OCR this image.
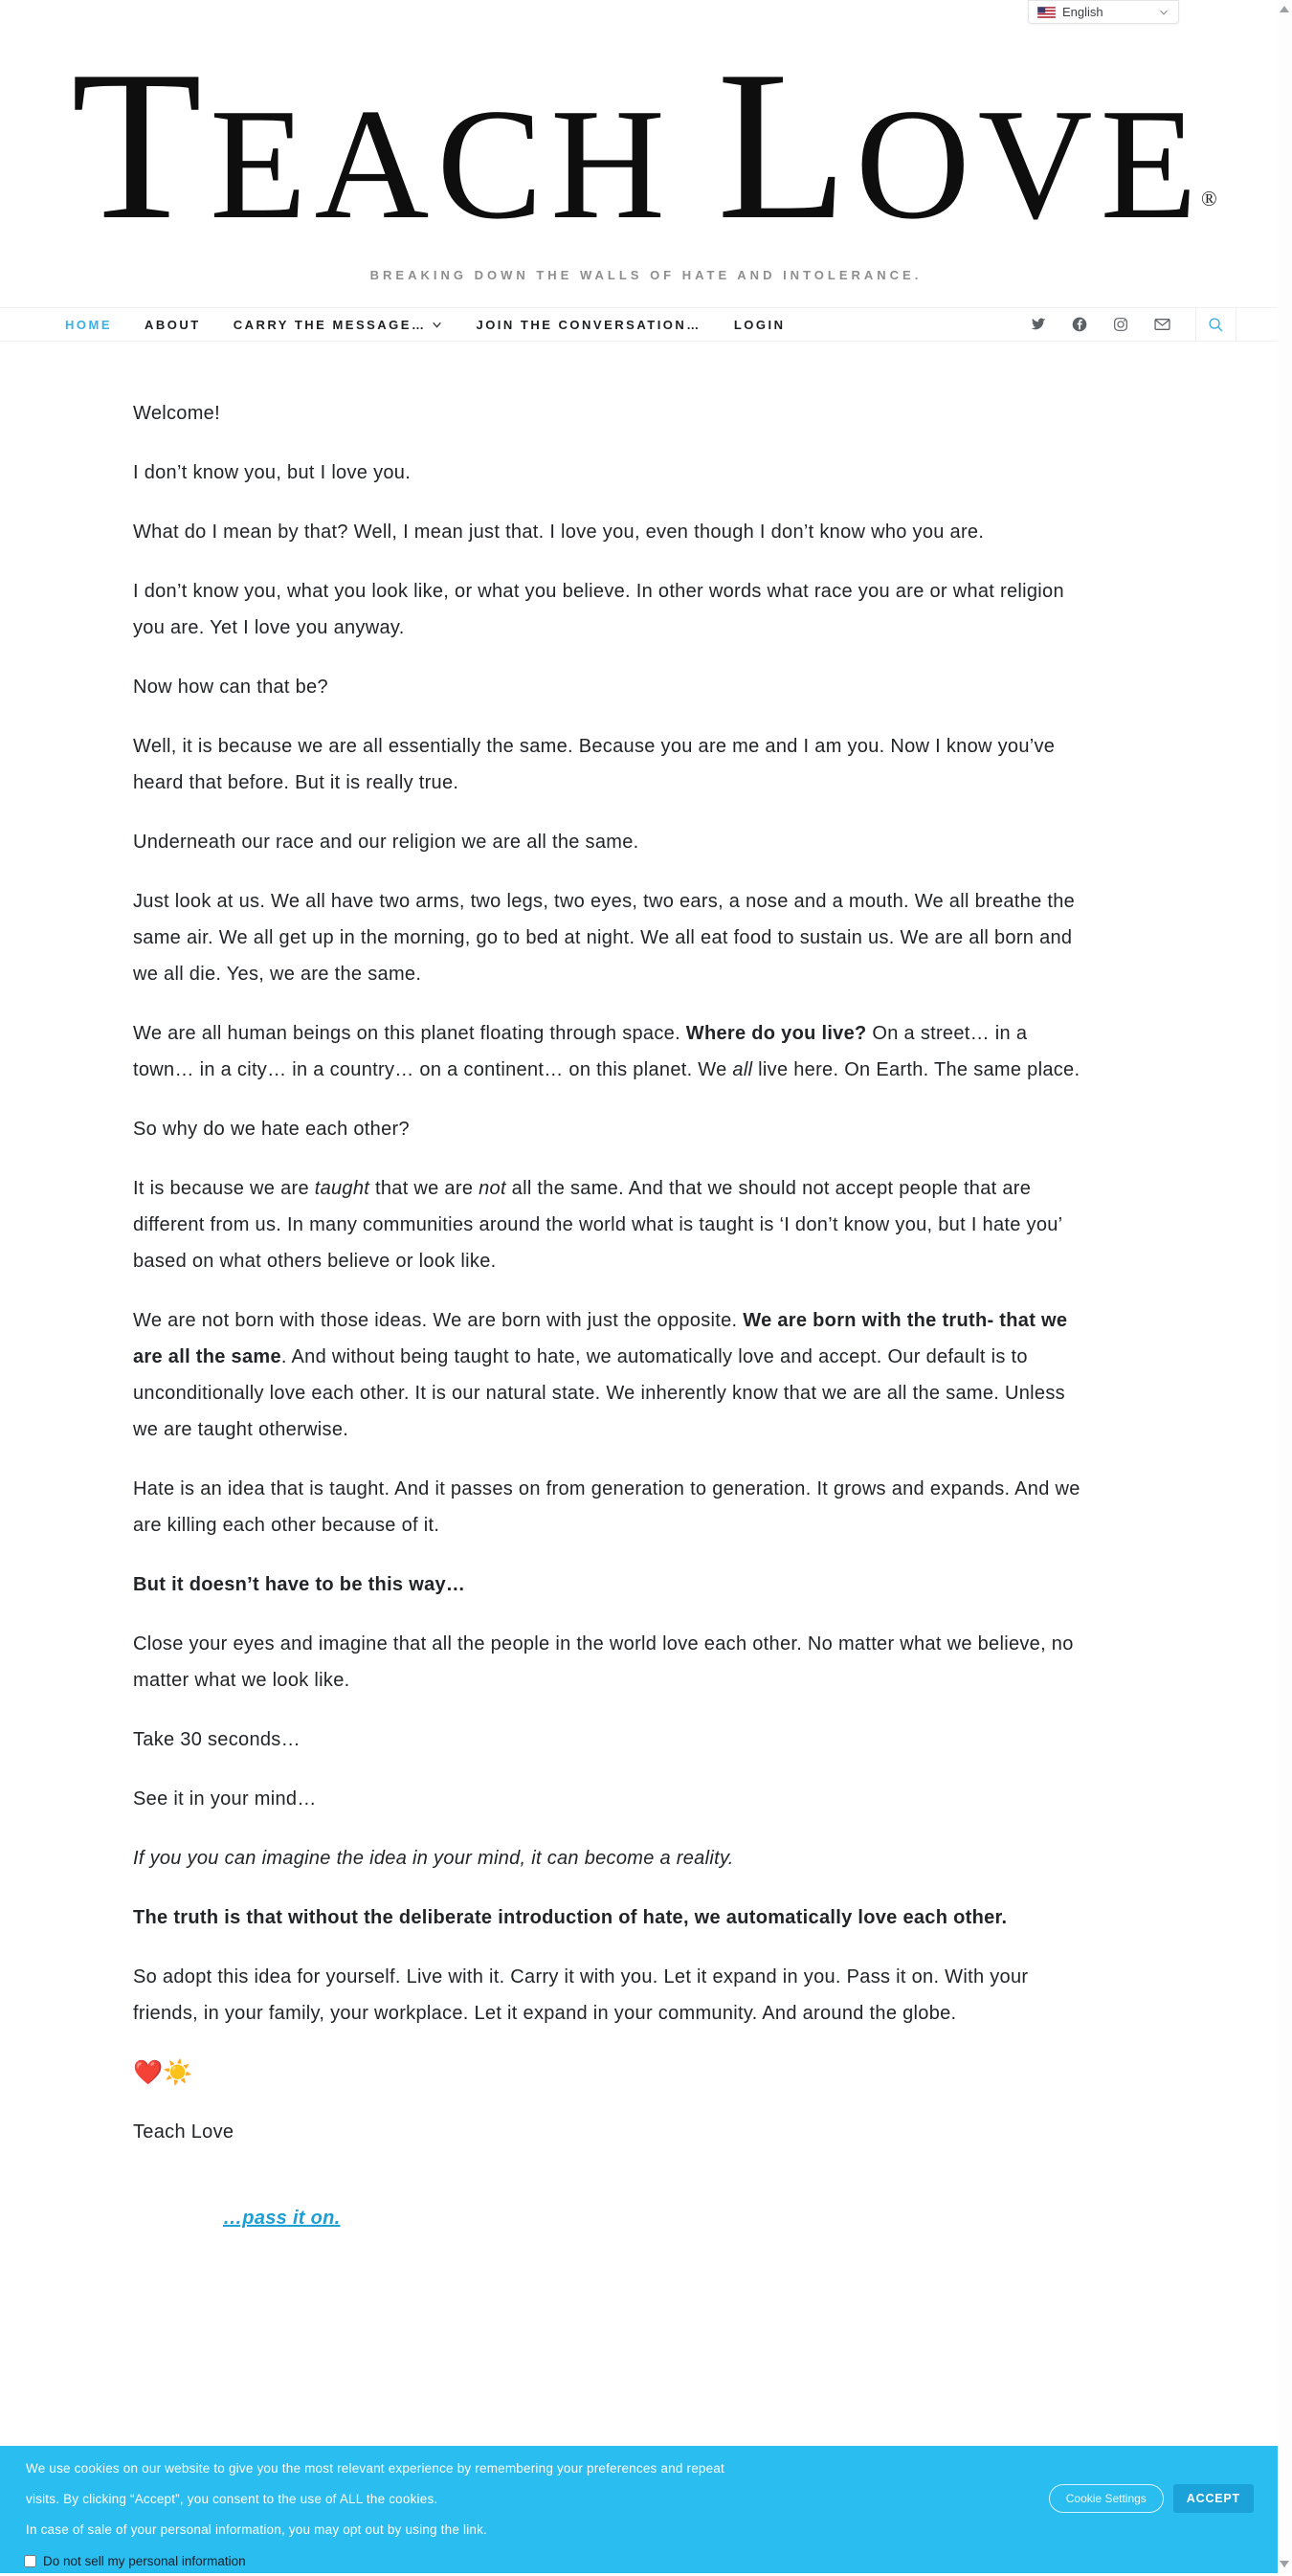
English
TEACH LOVE®
BREAKING DOWN THE WALLS OF HATE AND INTOLERANCE.
HOME	ABOUT	CARRY THE MESSAGE…	JOIN THE CONVERSATION…	LOGIN

Welcome!

I don’t know you, but I love you.

What do I mean by that? Well, I mean just that. I love you, even though I don’t know who you are.

I don’t know you, what you look like, or what you believe. In other words what race you are or what religion you are. Yet I love you anyway.

Now how can that be?

Well, it is because we are all essentially the same. Because you are me and I am you. Now I know you’ve heard that before. But it is really true.

Underneath our race and our religion we are all the same.

Just look at us. We all have two arms, two legs, two eyes, two ears, a nose and a mouth. We all breathe the same air. We all get up in the morning, go to bed at night. We all eat food to sustain us. We are all born and we all die. Yes, we are the same.

We are all human beings on this planet floating through space. Where do you live? On a street… in a town… in a city… in a country… on a continent… on this planet. We all live here. On Earth. The same place.

So why do we hate each other?

It is because we are taught that we are not all the same. And that we should not accept people that are different from us. In many communities around the world what is taught is ‘I don’t know you, but I hate you’ based on what others believe or look like.

We are not born with those ideas. We are born with just the opposite. We are born with the truth- that we are all the same. And without being taught to hate, we automatically love and accept. Our default is to unconditionally love each other. It is our natural state. We inherently know that we are all the same. Unless we are taught otherwise.

Hate is an idea that is taught. And it passes on from generation to generation. It grows and expands. And we are killing each other because of it.

But it doesn’t have to be this way…

Close your eyes and imagine that all the people in the world love each other. No matter what we believe, no matter what we look like.

Take 30 seconds…

See it in your mind…

If you you can imagine the idea in your mind, it can become a reality.

The truth is that without the deliberate introduction of hate, we automatically love each other.

So adopt this idea for yourself. Live with it. Carry it with you. Let it expand in you. Pass it on. With your friends, in your family, your workplace. Let it expand in your community. And around the globe.

❤️☀️

Teach Love

…pass it on.

We use cookies on our website to give you the most relevant experience by remembering your preferences and repeat
visits. By clicking “Accept”, you consent to the use of ALL the cookies.
In case of sale of your personal information, you may opt out by using the link.
Do not sell my personal information
Cookie Settings	ACCEPT
